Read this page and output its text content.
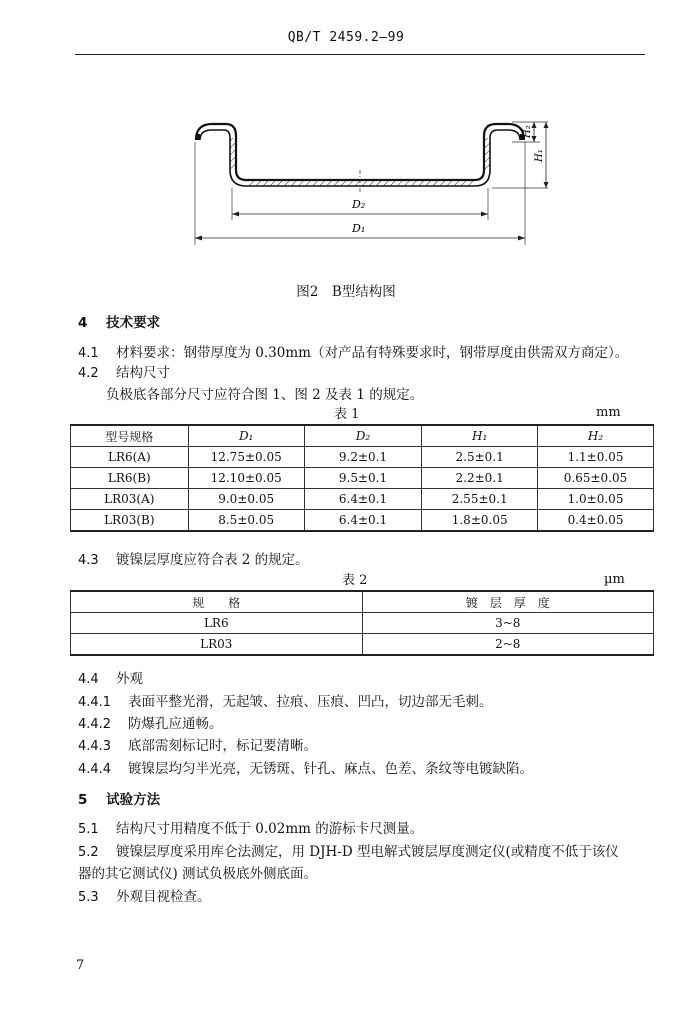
QB/T 2459.2—99
D₂
D₁
H₂
H₁
图2　B型结构图
4 技术要求
4.1 材料要求：钢带厚度为 0.30mm（对产品有特殊要求时，钢带厚度由供需双方商定）。
4.2 结构尺寸
负极底各部分尺寸应符合图 1、图 2 及表 1 的规定。
表 1	mm
型号规格	D₁	D₂	H₁	H₂
LR6(A)	12.75±0.05	9.2±0.1	2.5±0.1	1.1±0.05
LR6(B)	12.10±0.05	9.5±0.1	2.2±0.1	0.65±0.05
LR03(A)	9.0±0.05	6.4±0.1	2.55±0.1	1.0±0.05
LR03(B)	8.5±0.05	6.4±0.1	1.8±0.05	0.4±0.05
4.3 镀镍层厚度应符合表 2 的规定。
表 2	µm
规　　格	镀　层　厚　度
LR6	3~8
LR03	2~8
4.4 外观
4.4.1 表面平整光滑，无起皱、拉痕、压痕、凹凸，切边部无毛刺。
4.4.2 防爆孔应通畅。
4.4.3 底部需刻标记时，标记要清晰。
4.4.4 镀镍层均匀半光亮，无锈斑、针孔、麻点、色差、条纹等电镀缺陷。
5 试验方法
5.1 结构尺寸用精度不低于 0.02mm 的游标卡尺测量。
5.2 镀镍层厚度采用库仑法测定，用 DJH-D 型电解式镀层厚度测定仪(或精度不低于该仪
器的其它测试仪) 测试负极底外侧底面。
5.3 外观目视检查。
7
